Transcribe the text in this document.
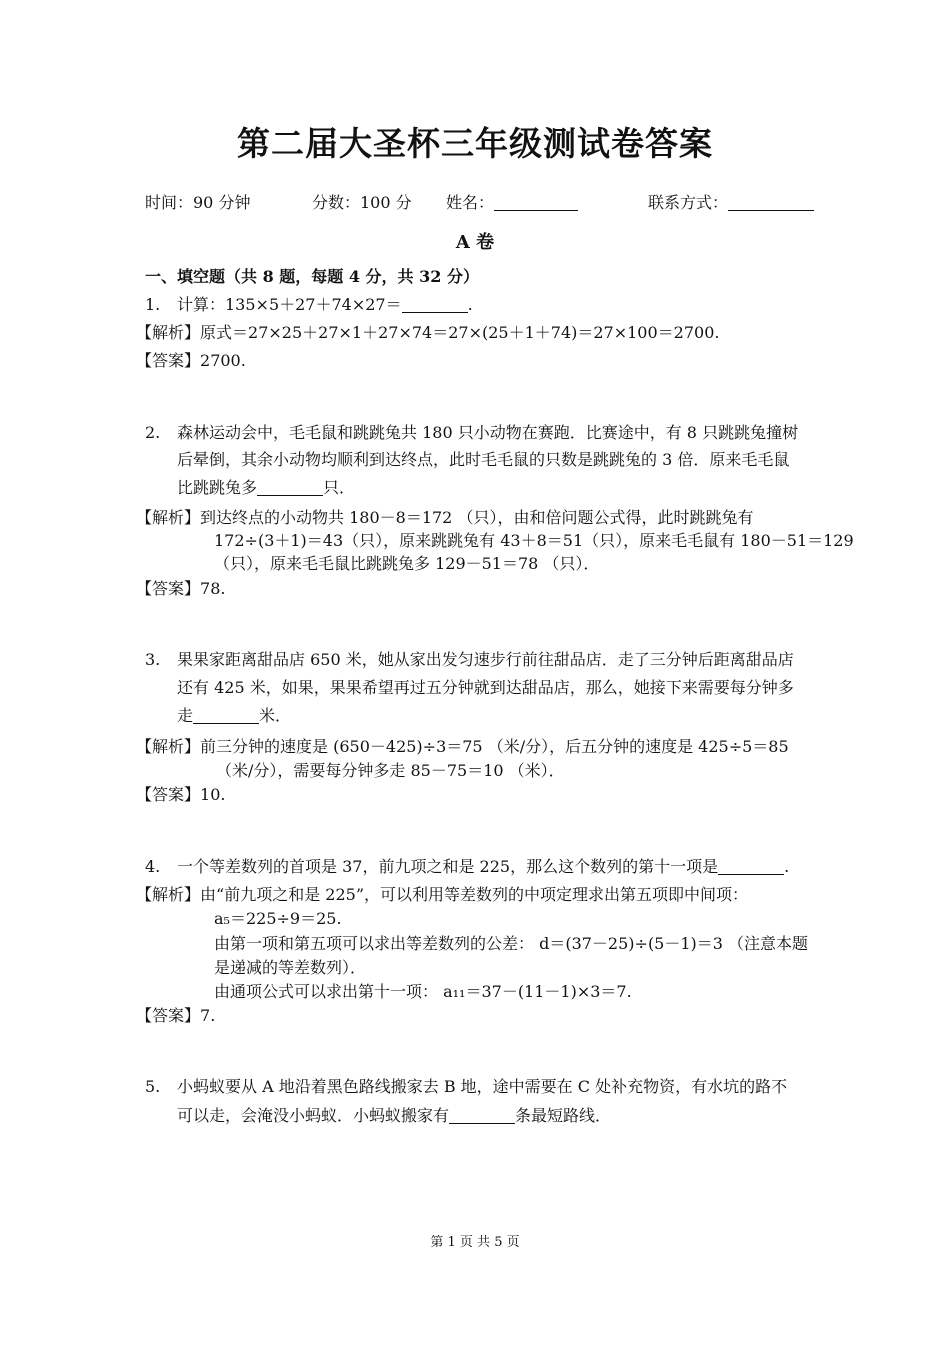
第二届大圣杯三年级测试卷答案
时间：90 分钟	分数：100 分 姓名：	联系方式：
A 卷
一、填空题（共 8 题，每题 4 分，共 32 分）
1. 计算：135×5＋27＋74×27＝	.
【解析】原式＝27×25＋27×1＋27×74＝27×(25＋1＋74)＝27×100＝2700.
【答案】2700.
2. 森林运动会中，毛毛鼠和跳跳兔共 180 只小动物在赛跑．比赛途中，有 8 只跳跳兔撞树
后晕倒，其余小动物均顺利到达终点，此时毛毛鼠的只数是跳跳兔的 3 倍．原来毛毛鼠
比跳跳兔多	只．
【解析】到达终点的小动物共 180－8＝172 （只），由和倍问题公式得，此时跳跳兔有
172÷(3＋1)＝43（只），原来跳跳兔有 43＋8＝51（只），原来毛毛鼠有 180－51＝129
（只），原来毛毛鼠比跳跳兔多 129－51＝78 （只）．
【答案】78.
3. 果果家距离甜品店 650 米，她从家出发匀速步行前往甜品店．走了三分钟后距离甜品店
还有 425 米，如果，果果希望再过五分钟就到达甜品店，那么，她接下来需要每分钟多
走	米．
【解析】前三分钟的速度是 (650－425)÷3＝75 （米/分），后五分钟的速度是 425÷5＝85
（米/分），需要每分钟多走 85－75＝10 （米）．
【答案】10.
4. 一个等差数列的首项是 37，前九项之和是 225，那么这个数列的第十一项是	.
【解析】由“前九项之和是 225”，可以利用等差数列的中项定理求出第五项即中间项：
a₅＝225÷9＝25.
由第一项和第五项可以求出等差数列的公差： d＝(37－25)÷(5－1)＝3 （注意本题
是递减的等差数列）．
由通项公式可以求出第十一项： a₁₁＝37－(11－1)×3＝7.
【答案】7.
5. 小蚂蚁要从 A 地沿着黑色路线搬家去 B 地，途中需要在 C 处补充物资，有水坑的路不
可以走，会淹没小蚂蚁．小蚂蚁搬家有	条最短路线．
第 1 页 共 5 页
